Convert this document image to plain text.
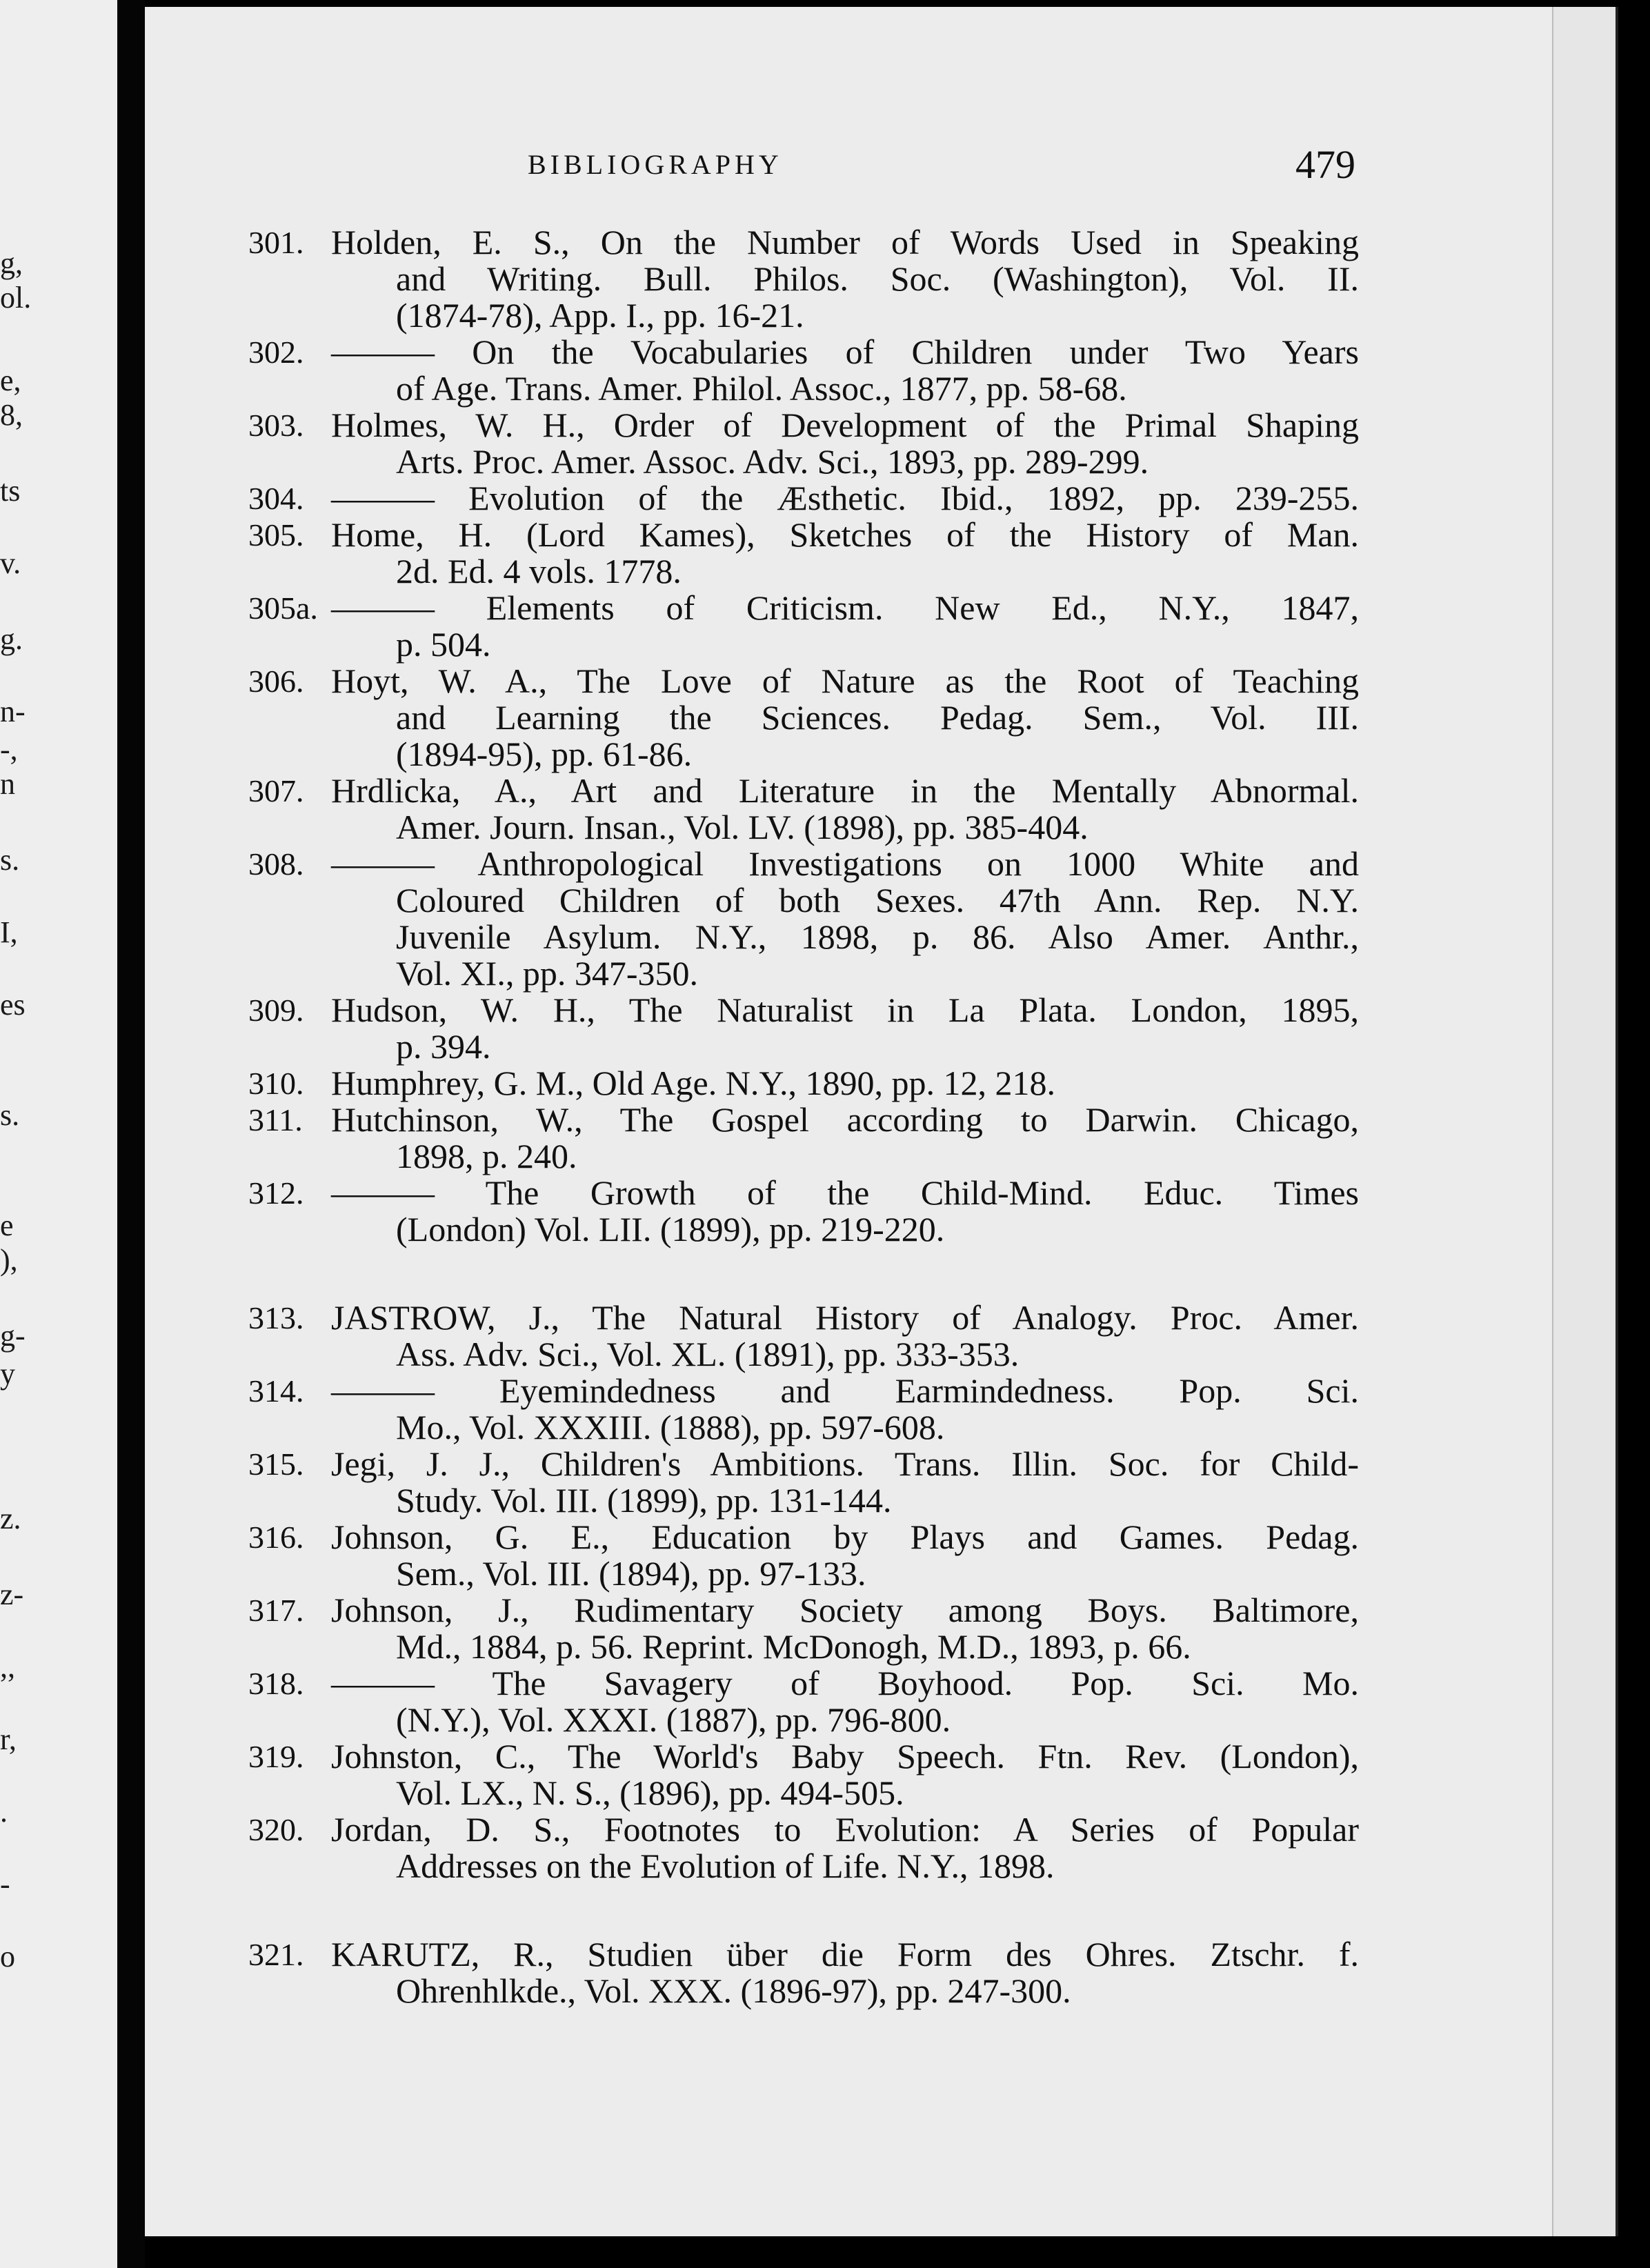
g,
ol.
e,
8,
ts
v.
g.
n-
-,
n
s.
I,
es
s.
e
),
g-
y
z.
z-
,,
r,
.
-
o
BIBLIOGRAPHY	479
301. Holden, E. S., On the Number of Words Used in Speaking
and Writing. Bull. Philos. Soc. (Washington), Vol. II.
(1874-78), App. I., pp. 16-21.
302. ——— On the Vocabularies of Children under Two Years
of Age. Trans. Amer. Philol. Assoc., 1877, pp. 58-68.
303. Holmes, W. H., Order of Development of the Primal Shaping
Arts. Proc. Amer. Assoc. Adv. Sci., 1893, pp. 289-299.
304. ——— Evolution of the Æsthetic. Ibid., 1892, pp. 239-255.
305. Home, H. (Lord Kames), Sketches of the History of Man.
2d. Ed. 4 vols. 1778.
305a. ——— Elements of Criticism. New Ed., N.Y., 1847,
p. 504.
306. Hoyt, W. A., The Love of Nature as the Root of Teaching
and Learning the Sciences. Pedag. Sem., Vol. III.
(1894-95), pp. 61-86.
307. Hrdlicka, A., Art and Literature in the Mentally Abnormal.
Amer. Journ. Insan., Vol. LV. (1898), pp. 385-404.
308. ——— Anthropological Investigations on 1000 White and
Coloured Children of both Sexes. 47th Ann. Rep. N.Y.
Juvenile Asylum. N.Y., 1898, p. 86. Also Amer. Anthr.,
Vol. XI., pp. 347-350.
309. Hudson, W. H., The Naturalist in La Plata. London, 1895,
p. 394.
310. Humphrey, G. M., Old Age. N.Y., 1890, pp. 12, 218.
311. Hutchinson, W., The Gospel according to Darwin. Chicago,
1898, p. 240.
312. ——— The Growth of the Child-Mind. Educ. Times
(London) Vol. LII. (1899), pp. 219-220.
313. JASTROW, J., The Natural History of Analogy. Proc. Amer.
Ass. Adv. Sci., Vol. XL. (1891), pp. 333-353.
314. ——— Eyemindedness and Earmindedness. Pop. Sci.
Mo., Vol. XXXIII. (1888), pp. 597-608.
315. Jegi, J. J., Children's Ambitions. Trans. Illin. Soc. for Child-
Study. Vol. III. (1899), pp. 131-144.
316. Johnson, G. E., Education by Plays and Games. Pedag.
Sem., Vol. III. (1894), pp. 97-133.
317. Johnson, J., Rudimentary Society among Boys. Baltimore,
Md., 1884, p. 56. Reprint. McDonogh, M.D., 1893, p. 66.
318. ——— The Savagery of Boyhood. Pop. Sci. Mo.
(N.Y.), Vol. XXXI. (1887), pp. 796-800.
319. Johnston, C., The World's Baby Speech. Ftn. Rev. (London),
Vol. LX., N. S., (1896), pp. 494-505.
320. Jordan, D. S., Footnotes to Evolution: A Series of Popular
Addresses on the Evolution of Life. N.Y., 1898.
321. KARUTZ, R., Studien über die Form des Ohres. Ztschr. f.
Ohrenhlkde., Vol. XXX. (1896-97), pp. 247-300.
